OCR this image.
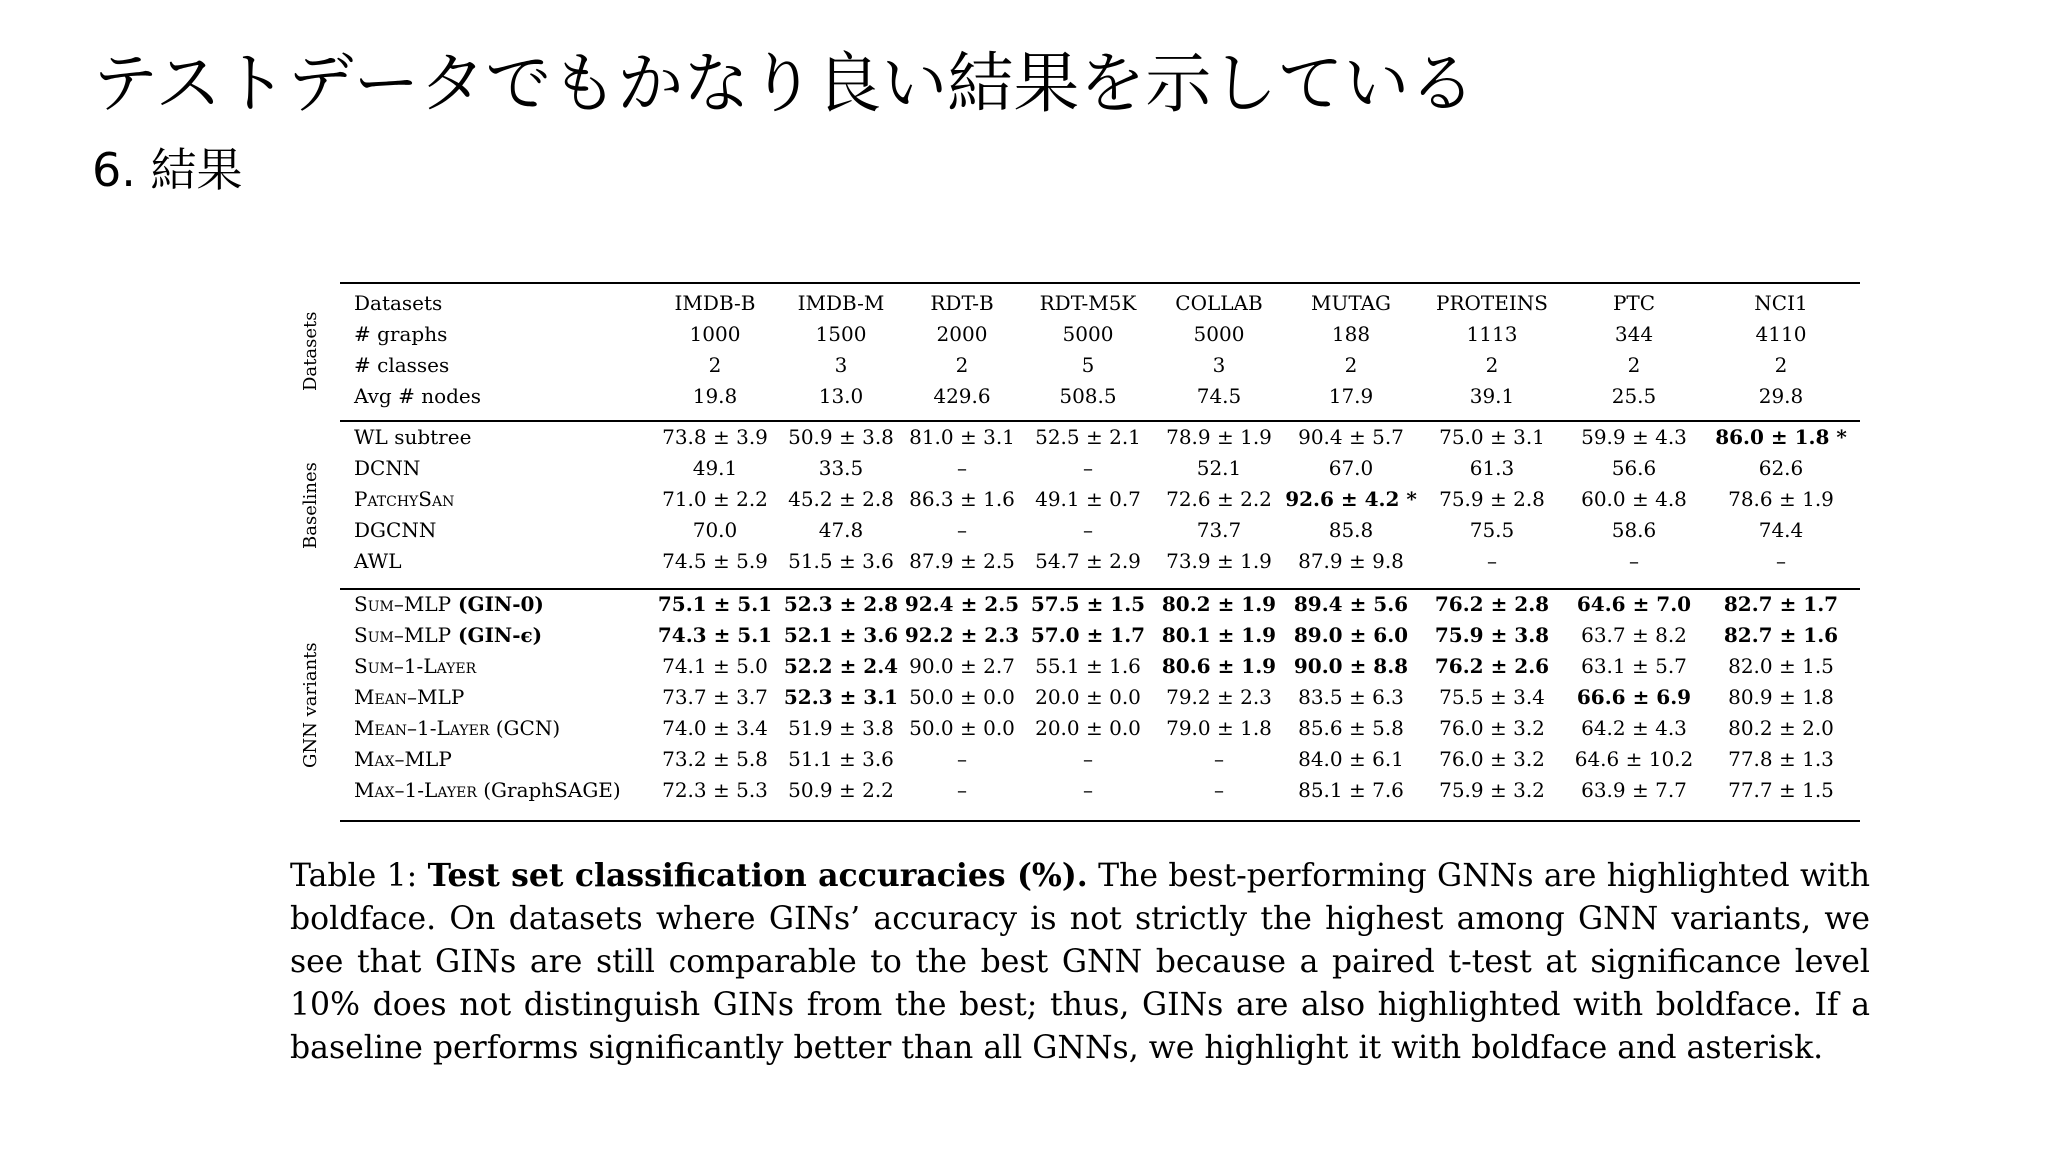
テストデータでもかなり良い結果を示している
6. 結果
Datasets
Baselines
GNN variants
Datasets	IMDB-B	IMDB-M	RDT-B	RDT-M5K	COLLAB	MUTAG	PROTEINS	PTC	NCI1
# graphs	1000	1500	2000	5000	5000	188	1113	344	4110
# classes	2	3	2	5	3	2	2	2	2
Avg # nodes	19.8	13.0	429.6	508.5	74.5	17.9	39.1	25.5	29.8

WL subtree	73.8 ± 3.9	50.9 ± 3.8	81.0 ± 3.1	52.5 ± 2.1	78.9 ± 1.9	90.4 ± 5.7	75.0 ± 3.1	59.9 ± 4.3	86.0 ± 1.8 *
DCNN	49.1	33.5	–	–	52.1	67.0	61.3	56.6	62.6
PatchySan	71.0 ± 2.2	45.2 ± 2.8	86.3 ± 1.6	49.1 ± 0.7	72.6 ± 2.2	92.6 ± 4.2 *	75.9 ± 2.8	60.0 ± 4.8	78.6 ± 1.9
DGCNN	70.0	47.8	–	–	73.7	85.8	75.5	58.6	74.4
AWL	74.5 ± 5.9	51.5 ± 3.6	87.9 ± 2.5	54.7 ± 2.9	73.9 ± 1.9	87.9 ± 9.8	–	–	–

Sum–MLP (GIN-0)	75.1 ± 5.1	52.3 ± 2.8	92.4 ± 2.5	57.5 ± 1.5	80.2 ± 1.9	89.4 ± 5.6	76.2 ± 2.8	64.6 ± 7.0	82.7 ± 1.7
Sum–MLP (GIN-ϵ)	74.3 ± 5.1	52.1 ± 3.6	92.2 ± 2.3	57.0 ± 1.7	80.1 ± 1.9	89.0 ± 6.0	75.9 ± 3.8	63.7 ± 8.2	82.7 ± 1.6
Sum–1-Layer	74.1 ± 5.0	52.2 ± 2.4	90.0 ± 2.7	55.1 ± 1.6	80.6 ± 1.9	90.0 ± 8.8	76.2 ± 2.6	63.1 ± 5.7	82.0 ± 1.5
Mean–MLP	73.7 ± 3.7	52.3 ± 3.1	50.0 ± 0.0	20.0 ± 0.0	79.2 ± 2.3	83.5 ± 6.3	75.5 ± 3.4	66.6 ± 6.9	80.9 ± 1.8
Mean–1-Layer (GCN)	74.0 ± 3.4	51.9 ± 3.8	50.0 ± 0.0	20.0 ± 0.0	79.0 ± 1.8	85.6 ± 5.8	76.0 ± 3.2	64.2 ± 4.3	80.2 ± 2.0
Max–MLP	73.2 ± 5.8	51.1 ± 3.6	–	–	–	84.0 ± 6.1	76.0 ± 3.2	64.6 ± 10.2	77.8 ± 1.3
Max–1-Layer (GraphSAGE)	72.3 ± 5.3	50.9 ± 2.2	–	–	–	85.1 ± 7.6	75.9 ± 3.2	63.9 ± 7.7	77.7 ± 1.5
Table 1: Test set classification accuracies (%). The best-performing GNNs are highlighted with boldface. On datasets where GINs’ accuracy is not strictly the highest among GNN variants, we see that GINs are still comparable to the best GNN because a paired t-test at significance level 10% does not distinguish GINs from the best; thus, GINs are also highlighted with boldface. If a baseline performs significantly better than all GNNs, we highlight it with boldface and asterisk.
